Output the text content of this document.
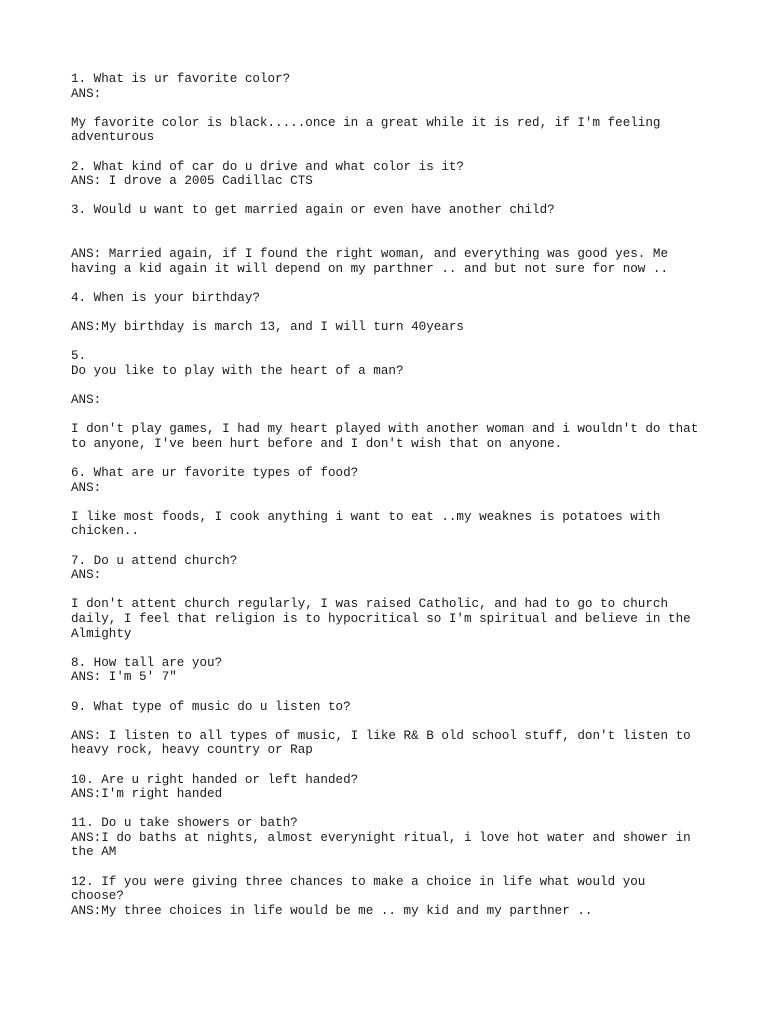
1. What is ur favorite color?
ANS:
My favorite color is black.....once in a great while it is red, if I'm feeling
adventurous
2. What kind of car do u drive and what color is it?
ANS: I drove a 2005 Cadillac CTS
3. Would u want to get married again or even have another child?
ANS: Married again, if I found the right woman, and everything was good yes. Me
having a kid again it will depend on my parthner .. and but not sure for now ..
4. When is your birthday?
ANS:My birthday is march 13, and I will turn 40years
5.
Do you like to play with the heart of a man?
ANS:
I don't play games, I had my heart played with another woman and i wouldn't do that
to anyone, I've been hurt before and I don't wish that on anyone.
6. What are ur favorite types of food?
ANS:
I like most foods, I cook anything i want to eat ..my weaknes is potatoes with
chicken..
7. Do u attend church?
ANS:
I don't attent church regularly, I was raised Catholic, and had to go to church
daily, I feel that religion is to hypocritical so I'm spiritual and believe in the
Almighty
8. How tall are you?
ANS: I'm 5' 7"
9. What type of music do u listen to?
ANS: I listen to all types of music, I like R& B old school stuff, don't listen to
heavy rock, heavy country or Rap
10. Are u right handed or left handed?
ANS:I'm right handed
11. Do u take showers or bath?
ANS:I do baths at nights, almost everynight ritual, i love hot water and shower in
the AM
12. If you were giving three chances to make a choice in life what would you
choose?
ANS:My three choices in life would be me .. my kid and my parthner ..
